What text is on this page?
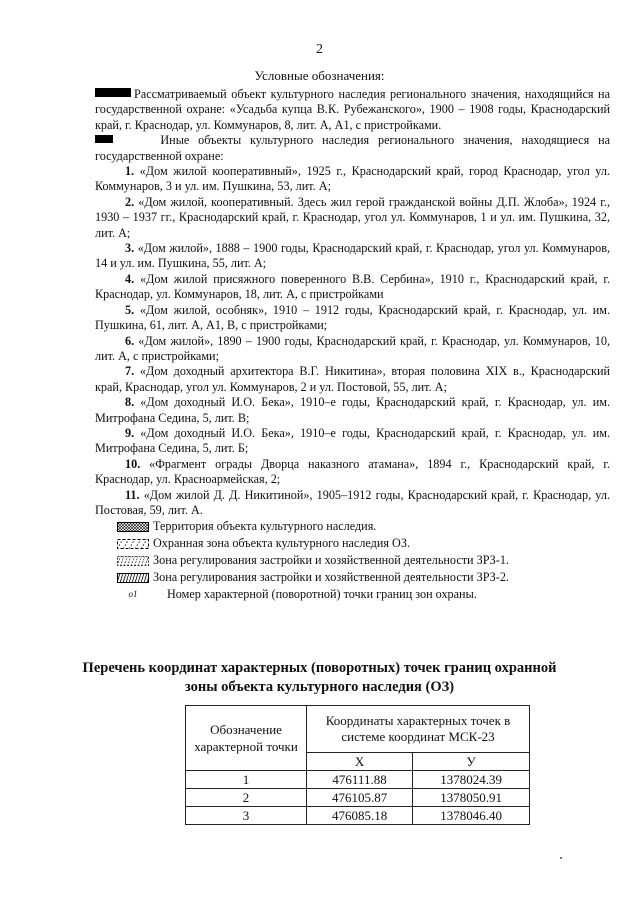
2
Условные обозначения:

Рассматриваемый объект культурного наследия регионального значения, находящийся на государственной охране: «Усадьба купца В.К. Рубежанского», 1900 – 1908 годы, Краснодарский край, г. Краснодар, ул. Коммунаров, 8, лит. А, А1, с пристройками.

Иные объекты культурного наследия регионального значения, находящиеся на государственной охране:

1. «Дом жилой кооперативный», 1925 г., Краснодарский край, город Краснодар, угол ул. Коммунаров, 3 и ул. им. Пушкина, 53, лит. А;

2. «Дом жилой, кооперативный. Здесь жил герой гражданской войны Д.П. Жлоба», 1924 г., 1930 – 1937 гг., Краснодарский край, г. Краснодар, угол ул. Коммунаров, 1 и ул. им. Пушкина, 32, лит. А;

3. «Дом жилой», 1888 – 1900 годы, Краснодарский край, г. Краснодар, угол ул. Коммунаров, 14 и ул. им. Пушкина, 55, лит. А;

4. «Дом жилой присяжного поверенного В.В. Сербина», 1910 г., Краснодарский край, г. Краснодар, ул. Коммунаров, 18, лит. А, с пристройками

5. «Дом жилой, особняк», 1910 – 1912 годы, Краснодарский край, г. Краснодар, ул. им. Пушкина, 61, лит. А, А1, В, с пристройками;

6. «Дом жилой», 1890 – 1900 годы, Краснодарский край, г. Краснодар, ул. Коммунаров, 10, лит. А, с пристройками;

7. «Дом доходный архитектора В.Г. Никитина», вторая половина XIX в., Краснодарский край, Краснодар, угол ул. Коммунаров, 2 и ул. Постовой, 55, лит. А;

8. «Дом доходный И.О. Бека», 1910–е годы, Краснодарский край, г. Краснодар, ул. им. Митрофана Седина, 5, лит. В;

9. «Дом доходный И.О. Бека», 1910–е годы, Краснодарский край, г. Краснодар, ул. им. Митрофана Седина, 5, лит. Б;

10. «Фрагмент ограды Дворца наказного атамана», 1894 г., Краснодарский край, г. Краснодар, ул. Красноармейская, 2;

11. «Дом жилой Д. Д. Никитиной», 1905–1912 годы, Краснодарский край, г. Краснодар, ул. Постовая, 59, лит. А.

Территория объекта культурного наследия.
Охранная зона объекта культурного наследия ОЗ.
Зона регулирования застройки и хозяйственной деятельности ЗРЗ-1.
Зона регулирования застройки и хозяйственной деятельности ЗРЗ-2.
о1	Номер характерной (поворотной) точки границ зон охраны.
Перечень координат характерных (поворотных) точек границ охранной
зоны объекта культурного наследия (ОЗ)
Обозначение характерной точки	Координаты характерных точек в системе координат МСК-23	
	Х	У
1	476111.88	1378024.39
2	476105.87	1378050.91
3	476085.18	1378046.40
